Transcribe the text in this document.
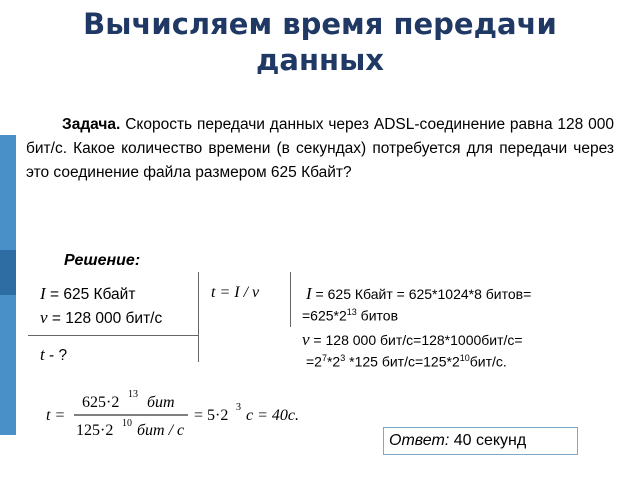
Вычисляем время передачи
данных
Задача. Скорость передачи данных через ADSL-соединение равна 128 000 бит/с. Какое количество времени (в секундах) потребуется для передачи через это соединение файла размером 625 Кбайт?
Решение:
I = 625 Кбайт
v = 128 000 бит/с
t - ?
t = I / v	I = 625 Кбайт = 625*1024*8 битов=
$=625*2^{13}$ битов
v = 128 000 бит/с=128*1000бит/с=
$=2^7*2^3$ *125 бит/$с=125*2^{10}бит/с$.
t =
625·2 13 бит
125·2 10 бит / с
= 5·2 3 с = 40с.
Ответ: 40 секунд
